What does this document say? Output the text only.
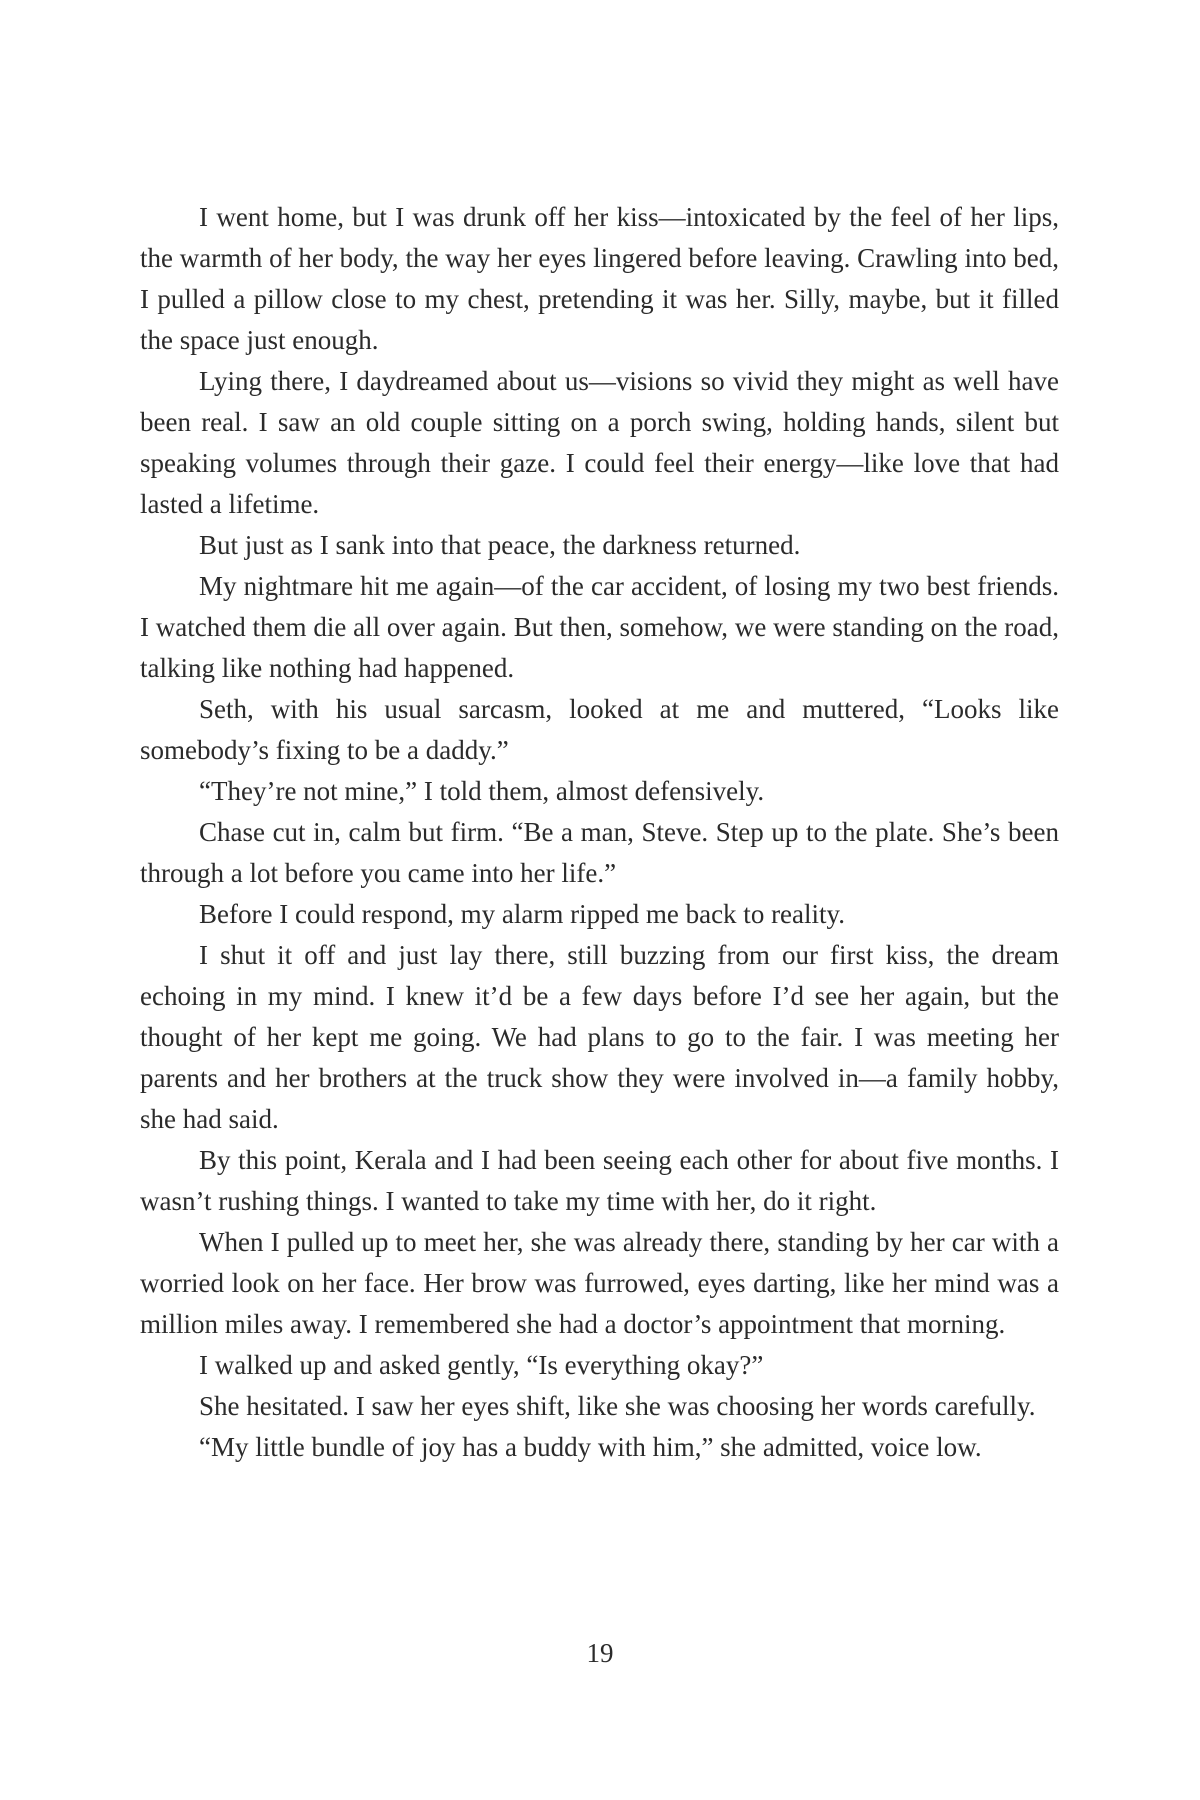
I went home, but I was drunk off her kiss—intoxicated by the feel of her lips, the warmth of her body, the way her eyes lingered before leaving. Crawling into bed, I pulled a pillow close to my chest, pretending it was her. Silly, maybe, but it filled the space just enough.

Lying there, I daydreamed about us—visions so vivid they might as well have been real. I saw an old couple sitting on a porch swing, holding hands, silent but speaking volumes through their gaze. I could feel their energy—like love that had lasted a lifetime.

But just as I sank into that peace, the darkness returned.

My nightmare hit me again—of the car accident, of losing my two best friends. I watched them die all over again. But then, somehow, we were standing on the road, talking like nothing had happened.

Seth, with his usual sarcasm, looked at me and muttered, “Looks like somebody’s fixing to be a daddy.”

“They’re not mine,” I told them, almost defensively.

Chase cut in, calm but firm. “Be a man, Steve. Step up to the plate. She’s been through a lot before you came into her life.”

Before I could respond, my alarm ripped me back to reality.

I shut it off and just lay there, still buzzing from our first kiss, the dream echoing in my mind. I knew it’d be a few days before I’d see her again, but the thought of her kept me going. We had plans to go to the fair. I was meeting her parents and her brothers at the truck show they were involved in—a family hobby, she had said.

By this point, Kerala and I had been seeing each other for about five months. I wasn’t rushing things. I wanted to take my time with her, do it right.

When I pulled up to meet her, she was already there, standing by her car with a worried look on her face. Her brow was furrowed, eyes darting, like her mind was a million miles away. I remembered she had a doctor’s appointment that morning.

I walked up and asked gently, “Is everything okay?”

She hesitated. I saw her eyes shift, like she was choosing her words carefully.

“My little bundle of joy has a buddy with him,” she admitted, voice low.

19
